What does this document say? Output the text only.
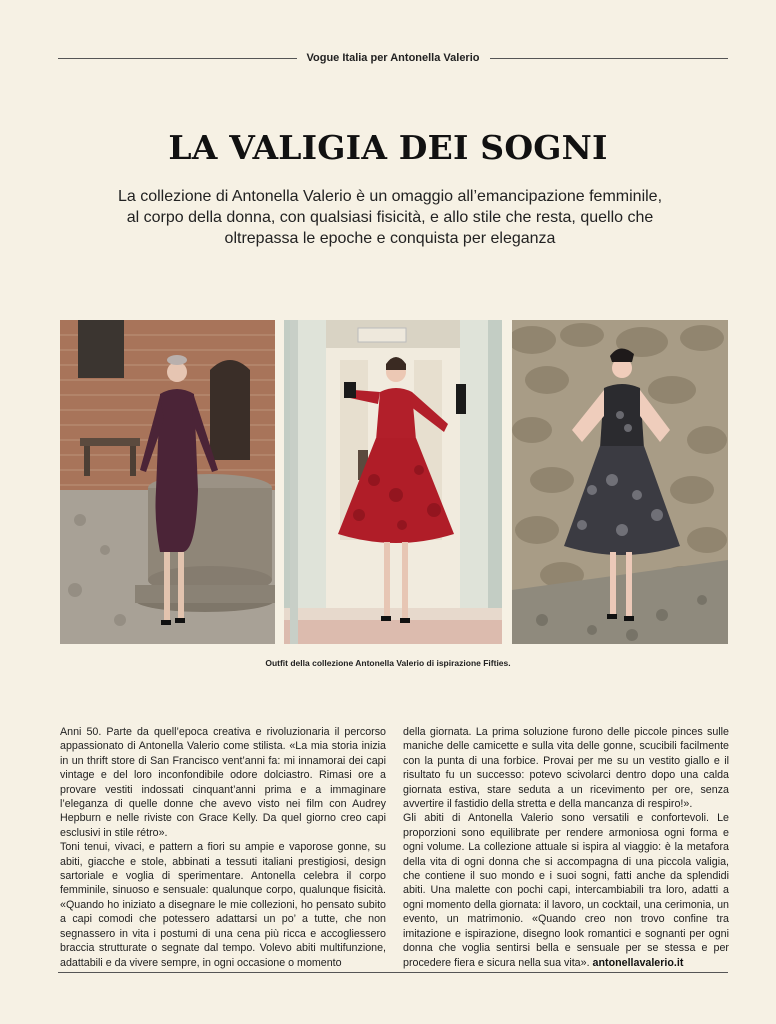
Vogue Italia per Antonella Valerio
LA VALIGIA DEI SOGNI

La collezione di Antonella Valerio è un omaggio all’emancipazione femminile, al corpo della donna, con qualsiasi fisicità, e allo stile che resta, quello che oltrepassa le epoche e conquista per eleganza

Outfit della collezione Antonella Valerio di ispirazione Fifties.

Anni 50. Parte da quell’epoca creativa e rivoluzionaria il percorso appassionato di Antonella Valerio come stilista. «La mia storia inizia in un thrift store di San Francisco vent’anni fa: mi innamorai dei capi vintage e del loro inconfondibile odore dolciastro. Rimasi ore a provare vestiti indossati cinquant’anni prima e a immaginare l’eleganza di quelle donne che avevo visto nei film con Audrey Hepburn e nelle riviste con Grace Kelly. Da quel giorno creo capi esclusivi in stile rétro».

Toni tenui, vivaci, e pattern a fiori su ampie e vaporose gonne, su abiti, giacche e stole, abbinati a tessuti italiani prestigiosi, design sartoriale e voglia di sperimentare. Antonella celebra il corpo femminile, sinuoso e sensuale: qualunque corpo, qualunque fisicità. «Quando ho iniziato a disegnare le mie collezioni, ho pensato subito a capi comodi che potessero adattarsi un po’ a tutte, che non segnassero in vita i postumi di una cena più ricca e accogliessero braccia strutturate o segnate dal tempo. Volevo abiti multifunzione, adattabili e da vivere sempre, in ogni occasione o momento

della giornata. La prima soluzione furono delle piccole pinces sulle maniche delle camicette e sulla vita delle gonne, scucibili facilmente con la punta di una forbice. Provai per me su un vestito giallo e il risultato fu un successo: potevo scivolarci dentro dopo una calda giornata estiva, stare seduta a un ricevimento per ore, senza avvertire il fastidio della stretta e della mancanza di respiro!».

Gli abiti di Antonella Valerio sono versatili e confortevoli. Le proporzioni sono equilibrate per rendere armoniosa ogni forma e ogni volume. La collezione attuale si ispira al viaggio: è la metafora della vita di ogni donna che si accompagna di una piccola valigia, che contiene il suo mondo e i suoi sogni, fatti anche da splendidi abiti. Una malette con pochi capi, intercambiabili tra loro, adatti a ogni momento della giornata: il lavoro, un cocktail, una cerimonia, un evento, un matrimonio. «Quando creo non trovo confine tra imitazione e ispirazione, disegno look romantici e sognanti per ogni donna che voglia sentirsi bella e sensuale per se stessa e per procedere fiera e sicura nella sua vita». antonellavalerio.it
